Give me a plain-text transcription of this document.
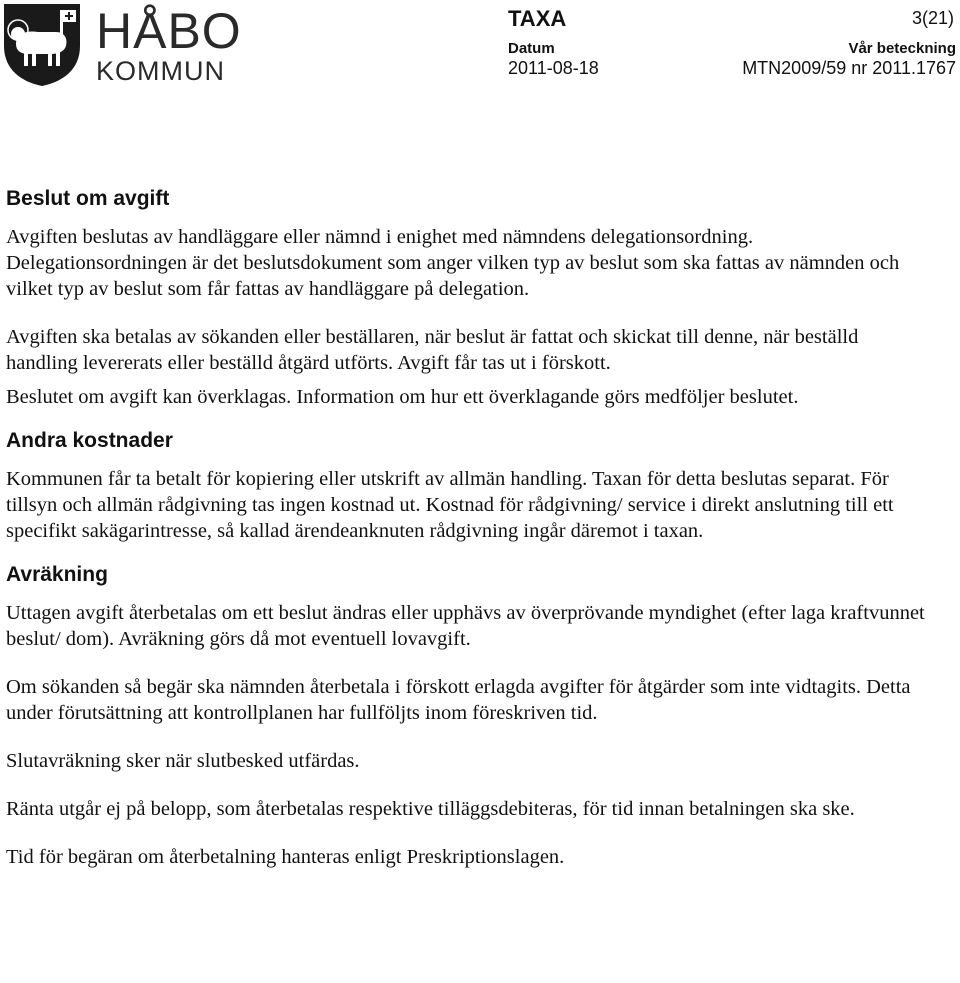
HÅBO
KOMMUN
TAXA	3(21)
Datum
2011-08-18
Vår beteckning
MTN2009/59 nr 2011.1767
Beslut om avgift

Avgiften beslutas av handläggare eller nämnd i enighet med nämndens delegationsordning. Delegationsordningen är det beslutsdokument som anger vilken typ av beslut som ska fattas av nämnden och vilket typ av beslut som får fattas av handläggare på delegation.

Avgiften ska betalas av sökanden eller beställaren, när beslut är fattat och skickat till denne, när beställd handling levererats eller beställd åtgärd utförts. Avgift får tas ut i förskott.

Beslutet om avgift kan överklagas. Information om hur ett överklagande görs medföljer beslutet.

Andra kostnader

Kommunen får ta betalt för kopiering eller utskrift av allmän handling. Taxan för detta beslutas separat. För tillsyn och allmän rådgivning tas ingen kostnad ut. Kostnad för rådgivning/ service i direkt anslutning till ett specifikt sakägarintresse, så kallad ärendeanknuten rådgivning ingår däremot i taxan.

Avräkning

Uttagen avgift återbetalas om ett beslut ändras eller upphävs av överprövande myndighet (efter laga kraftvunnet beslut/ dom). Avräkning görs då mot eventuell lovavgift.

Om sökanden så begär ska nämnden återbetala i förskott erlagda avgifter för åtgärder som inte vidtagits. Detta under förutsättning att kontrollplanen har fullföljts inom föreskriven tid.

Slutavräkning sker när slutbesked utfärdas.

Ränta utgår ej på belopp, som återbetalas respektive tilläggsdebiteras, för tid innan betalningen ska ske.

Tid för begäran om återbetalning hanteras enligt Preskriptionslagen.
